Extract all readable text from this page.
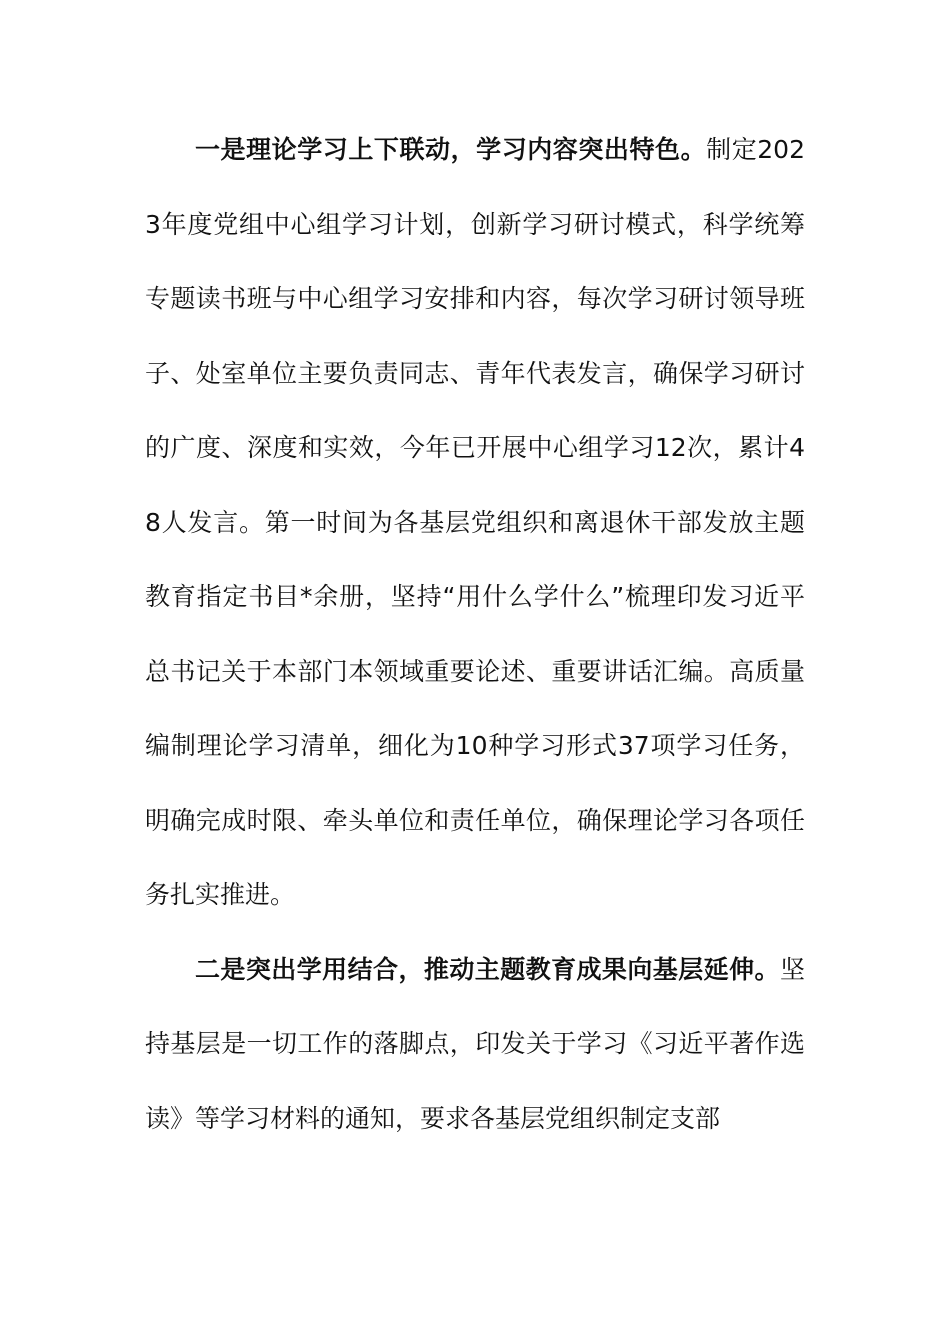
一是理论学习上下联动，学习内容突出特色。制定2023年度党组中心组学习计划，创新学习研讨模式，科学统筹专题读书班与中心组学习安排和内容，每次学习研讨领导班子、处室单位主要负责同志、青年代表发言，确保学习研讨的广度、深度和实效，今年已开展中心组学习12次，累计48人发言。第一时间为各基层党组织和离退休干部发放主题教育指定书目*余册，坚持“用什么学什么”梳理印发习近平总书记关于本部门本领域重要论述、重要讲话汇编。高质量编制理论学习清单，细化为10种学习形式37项学习任务，明确完成时限、牵头单位和责任单位，确保理论学习各项任务扎实推进。

二是突出学用结合，推动主题教育成果向基层延伸。坚持基层是一切工作的落脚点，印发关于学习《习近平著作选读》等学习材料的通知，要求各基层党组织制定支部
